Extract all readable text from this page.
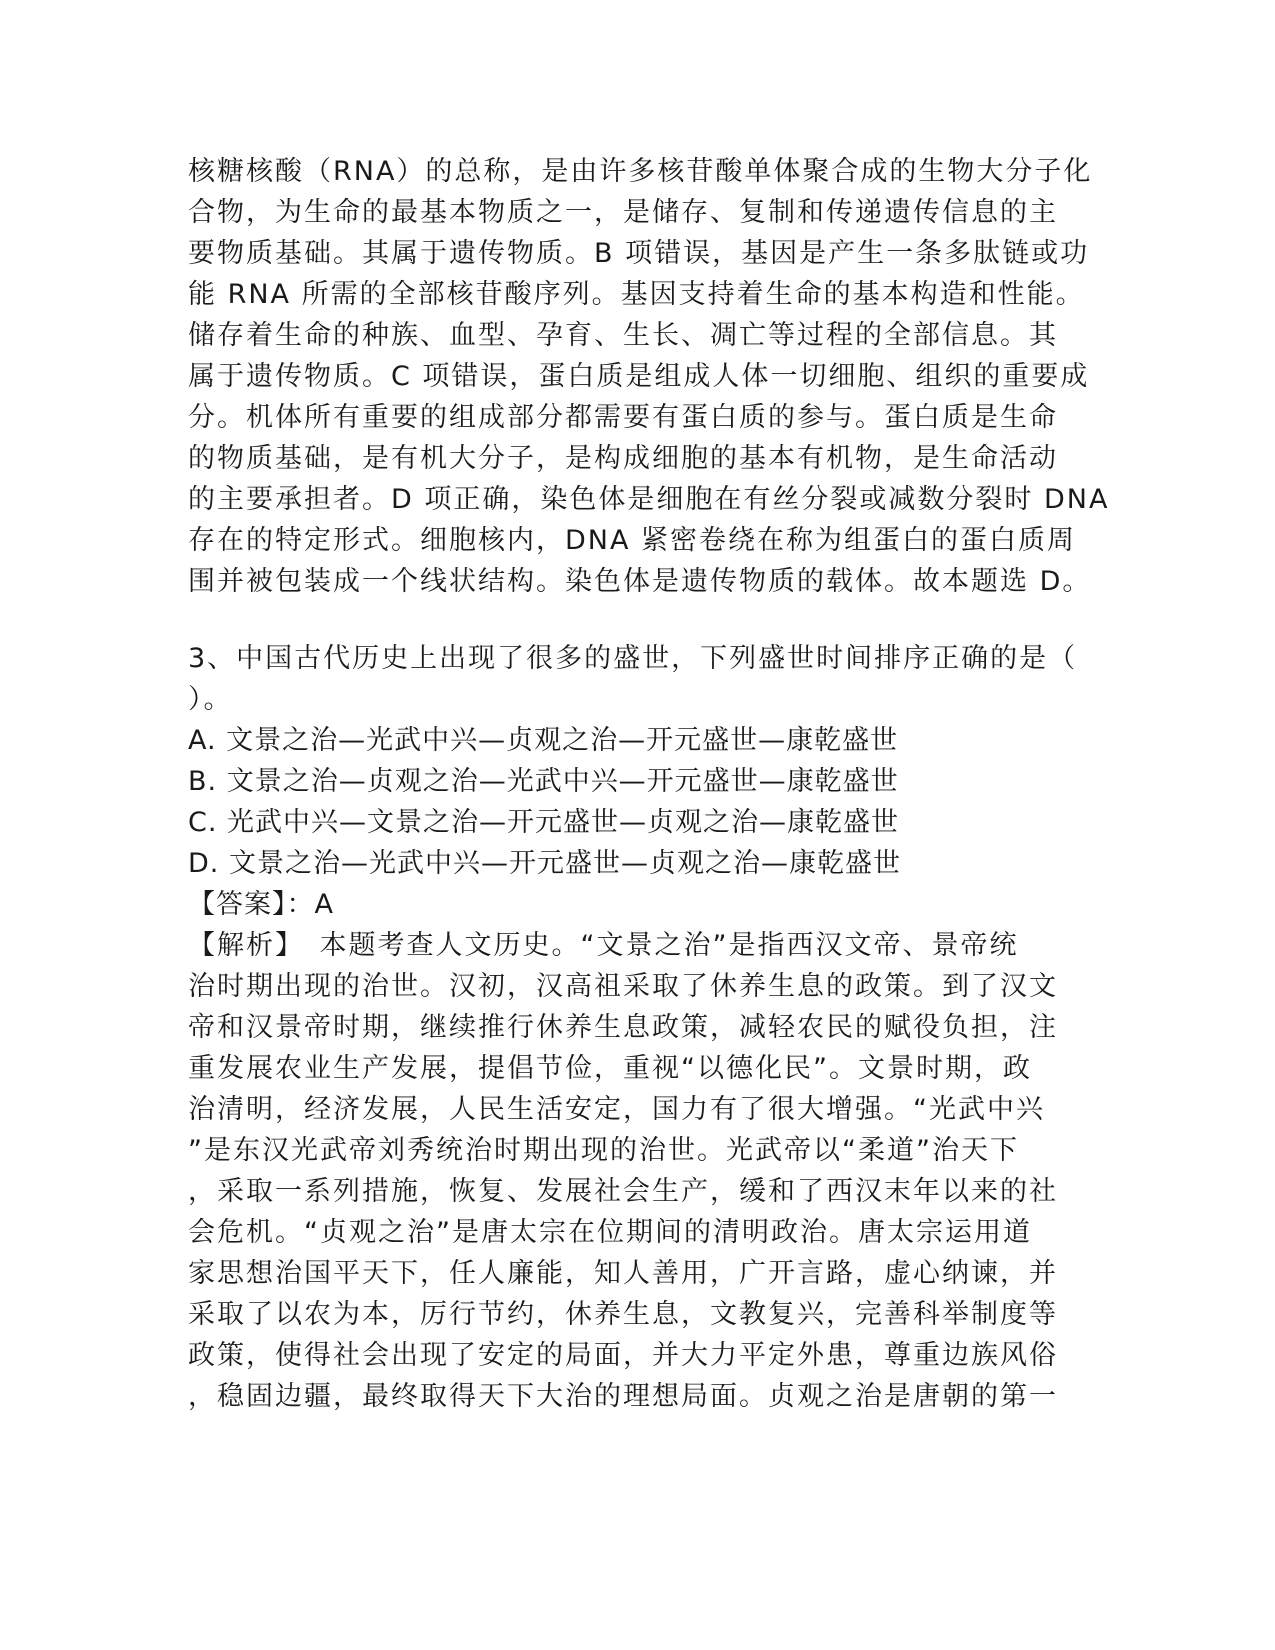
核糖核酸（RNA）的总称，是由许多核苷酸单体聚合成的生物大分子化
合物，为生命的最基本物质之一，是储存、复制和传递遗传信息的主
要物质基础。其属于遗传物质。B 项错误，基因是产生一条多肽链或功
能 RNA 所需的全部核苷酸序列。基因支持着生命的基本构造和性能。
储存着生命的种族、血型、孕育、生长、凋亡等过程的全部信息。其
属于遗传物质。C 项错误，蛋白质是组成人体一切细胞、组织的重要成
分。机体所有重要的组成部分都需要有蛋白质的参与。蛋白质是生命
的物质基础，是有机大分子，是构成细胞的基本有机物，是生命活动
的主要承担者。D 项正确，染色体是细胞在有丝分裂或减数分裂时 DNA
存在的特定形式。细胞核内，DNA 紧密卷绕在称为组蛋白的蛋白质周
围并被包装成一个线状结构。染色体是遗传物质的载体。故本题选 D。
3、中国古代历史上出现了很多的盛世，下列盛世时间排序正确的是（
）。
A. 文景之治—光武中兴—贞观之治—开元盛世—康乾盛世
B. 文景之治—贞观之治—光武中兴—开元盛世—康乾盛世
C. 光武中兴—文景之治—开元盛世—贞观之治—康乾盛世
D. 文景之治—光武中兴—开元盛世—贞观之治—康乾盛世
【答案】：A
【解析】　本题考查人文历史。“文景之治”是指西汉文帝、景帝统
治时期出现的治世。汉初，汉高祖采取了休养生息的政策。到了汉文
帝和汉景帝时期，继续推行休养生息政策，减轻农民的赋役负担，注
重发展农业生产发展，提倡节俭，重视“以德化民”。文景时期，政
治清明，经济发展，人民生活安定，国力有了很大增强。“光武中兴
”是东汉光武帝刘秀统治时期出现的治世。光武帝以“柔道”治天下
，采取一系列措施，恢复、发展社会生产，缓和了西汉末年以来的社
会危机。“贞观之治”是唐太宗在位期间的清明政治。唐太宗运用道
家思想治国平天下，任人廉能，知人善用，广开言路，虚心纳谏，并
采取了以农为本，厉行节约，休养生息，文教复兴，完善科举制度等
政策，使得社会出现了安定的局面，并大力平定外患，尊重边族风俗
，稳固边疆，最终取得天下大治的理想局面。贞观之治是唐朝的第一
